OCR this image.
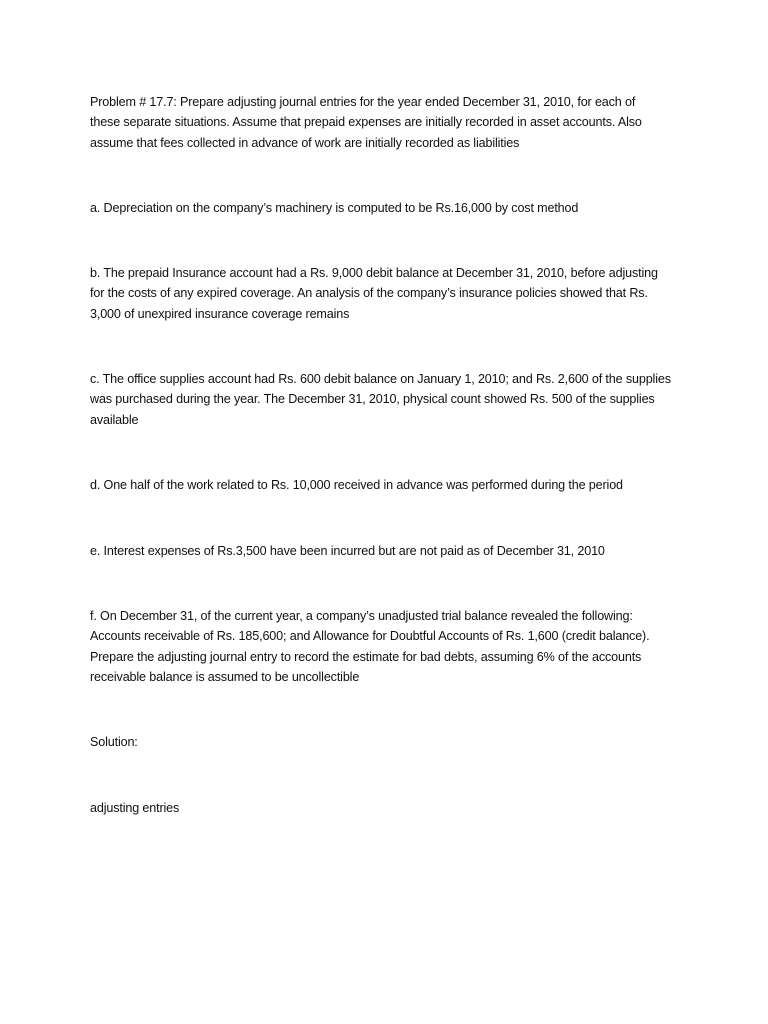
Problem # 17.7: Prepare adjusting journal entries for the year ended December 31, 2010, for each of
these separate situations. Assume that prepaid expenses are initially recorded in asset accounts. Also
assume that fees collected in advance of work are initially recorded as liabilities

a. Depreciation on the company’s machinery is computed to be Rs.16,000 by cost method

b. The prepaid Insurance account had a Rs. 9,000 debit balance at December 31, 2010, before adjusting
for the costs of any expired coverage. An analysis of the company’s insurance policies showed that Rs.
3,000 of unexpired insurance coverage remains

c. The office supplies account had Rs. 600 debit balance on January 1, 2010; and Rs. 2,600 of the supplies
was purchased during the year. The December 31, 2010, physical count showed Rs. 500 of the supplies
available

d. One half of the work related to Rs. 10,000 received in advance was performed during the period

e. Interest expenses of Rs.3,500 have been incurred but are not paid as of December 31, 2010

f. On December 31, of the current year, a company’s unadjusted trial balance revealed the following:
Accounts receivable of Rs. 185,600; and Allowance for Doubtful Accounts of Rs. 1,600 (credit balance).
Prepare the adjusting journal entry to record the estimate for bad debts, assuming 6% of the accounts
receivable balance is assumed to be uncollectible

Solution:

adjusting entries
